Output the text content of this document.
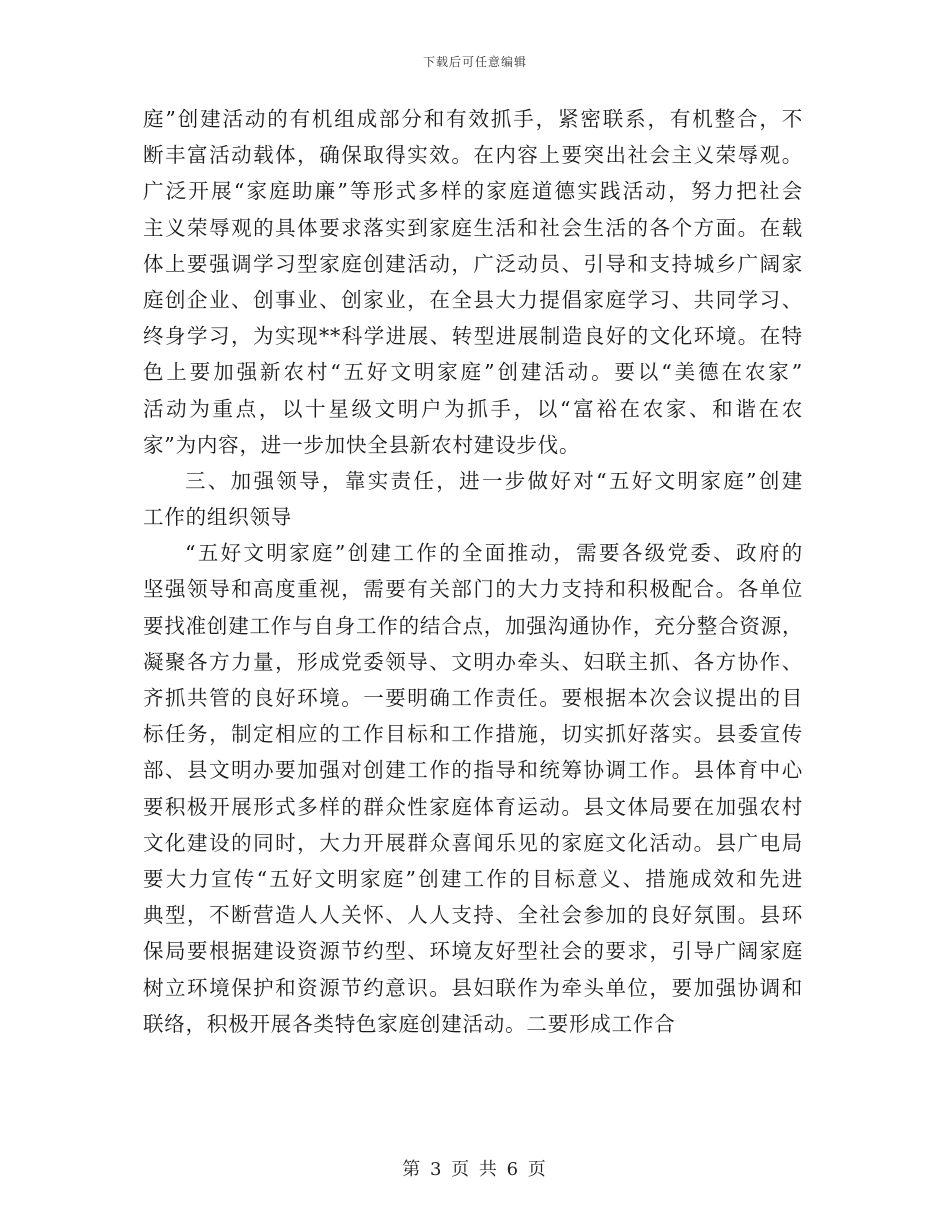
下载后可任意编辑
庭”创建活动的有机组成部分和有效抓手，紧密联系，有机整合，不
断丰富活动载体，确保取得实效。在内容上要突出社会主义荣辱观。
广泛开展“家庭助廉”等形式多样的家庭道德实践活动，努力把社会
主义荣辱观的具体要求落实到家庭生活和社会生活的各个方面。在载
体上要强调学习型家庭创建活动，广泛动员、引导和支持城乡广阔家
庭创企业、创事业、创家业，在全县大力提倡家庭学习、共同学习、
终身学习，为实现**科学进展、转型进展制造良好的文化环境。在特
色上要加强新农村“五好文明家庭”创建活动。要以“美德在农家”
活动为重点，以十星级文明户为抓手，以“富裕在农家、和谐在农
家”为内容，进一步加快全县新农村建设步伐。
三、加强领导，靠实责任，进一步做好对“五好文明家庭”创建
工作的组织领导
“五好文明家庭”创建工作的全面推动，需要各级党委、政府的
坚强领导和高度重视，需要有关部门的大力支持和积极配合。各单位
要找准创建工作与自身工作的结合点，加强沟通协作，充分整合资源，
凝聚各方力量，形成党委领导、文明办牵头、妇联主抓、各方协作、
齐抓共管的良好环境。一要明确工作责任。要根据本次会议提出的目
标任务，制定相应的工作目标和工作措施，切实抓好落实。县委宣传
部、县文明办要加强对创建工作的指导和统筹协调工作。县体育中心
要积极开展形式多样的群众性家庭体育运动。县文体局要在加强农村
文化建设的同时，大力开展群众喜闻乐见的家庭文化活动。县广电局
要大力宣传“五好文明家庭”创建工作的目标意义、措施成效和先进
典型，不断营造人人关怀、人人支持、全社会参加的良好氛围。县环
保局要根据建设资源节约型、环境友好型社会的要求，引导广阔家庭
树立环境保护和资源节约意识。县妇联作为牵头单位，要加强协调和
联络，积极开展各类特色家庭创建活动。二要形成工作合
第 3 页 共 6 页
